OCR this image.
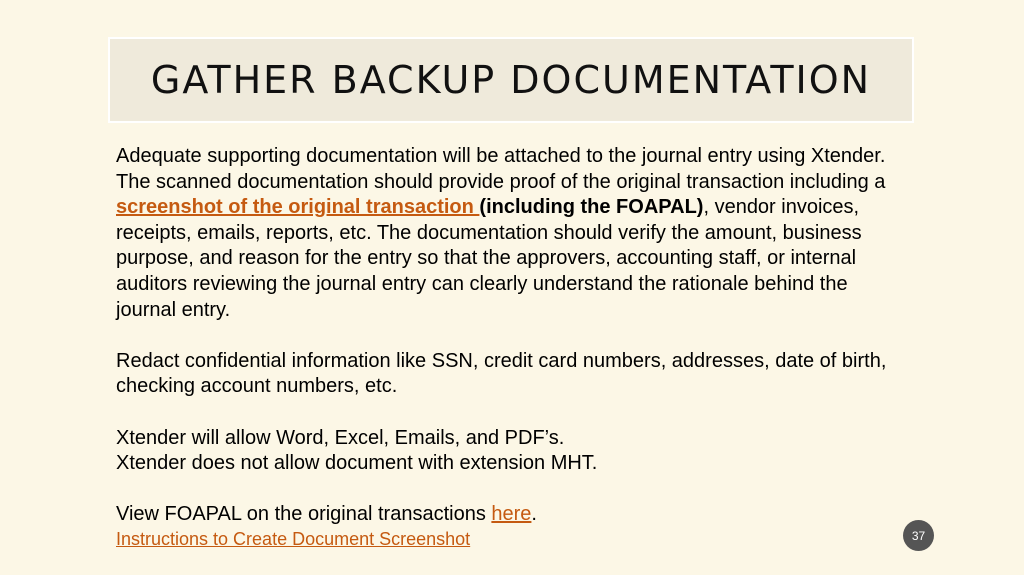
GATHER BACKUP DOCUMENTATION

Adequate supporting documentation will be attached to the journal entry using Xtender. The scanned documentation should provide proof of the original transaction including a screenshot of the original transaction (including the FOAPAL), vendor invoices, receipts, emails, reports, etc. The documentation should verify the amount, business purpose, and reason for the entry so that the approvers, accounting staff, or internal auditors reviewing the journal entry can clearly understand the rationale behind the journal entry.

Redact confidential information like SSN, credit card numbers, addresses, date of birth, checking account numbers, etc.

Xtender will allow Word, Excel, Emails, and PDF’s.

Xtender does not allow document with extension MHT.

View FOAPAL on the original transactions here.

Instructions to Create Document Screenshot	37
